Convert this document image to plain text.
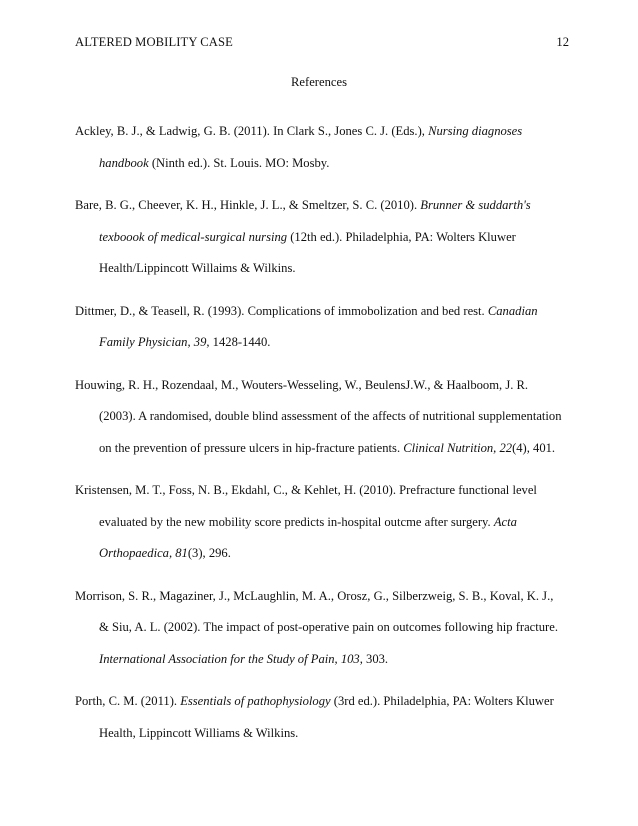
ALTERED MOBILITY CASE	12
References
Ackley, B. J., & Ladwig, G. B. (2011). In Clark S., Jones C. J. (Eds.), Nursing diagnoses
handbook (Ninth ed.). St. Louis. MO: Mosby.
Bare, B. G., Cheever, K. H., Hinkle, J. L., & Smeltzer, S. C. (2010). Brunner & suddarth's
texboook of medical-surgical nursing (12th ed.). Philadelphia, PA: Wolters Kluwer
Health/Lippincott Willaims & Wilkins.
Dittmer, D., & Teasell, R. (1993). Complications of immobolization and bed rest. Canadian
Family Physician, 39, 1428-1440.
Houwing, R. H., Rozendaal, M., Wouters-Wesseling, W., BeulensJ.W., & Haalboom, J. R.
(2003). A randomised, double blind assessment of the affects of nutritional supplementation
on the prevention of pressure ulcers in hip-fracture patients. Clinical Nutrition, 22(4), 401.
Kristensen, M. T., Foss, N. B., Ekdahl, C., & Kehlet, H. (2010). Prefracture functional level
evaluated by the new mobility score predicts in-hospital outcme after surgery. Acta
Orthopaedica, 81(3), 296.
Morrison, S. R., Magaziner, J., McLaughlin, M. A., Orosz, G., Silberzweig, S. B., Koval, K. J.,
& Siu, A. L. (2002). The impact of post-operative pain on outcomes following hip fracture.
International Association for the Study of Pain, 103, 303.
Porth, C. M. (2011). Essentials of pathophysiology (3rd ed.). Philadelphia, PA: Wolters Kluwer
Health, Lippincott Williams & Wilkins.
